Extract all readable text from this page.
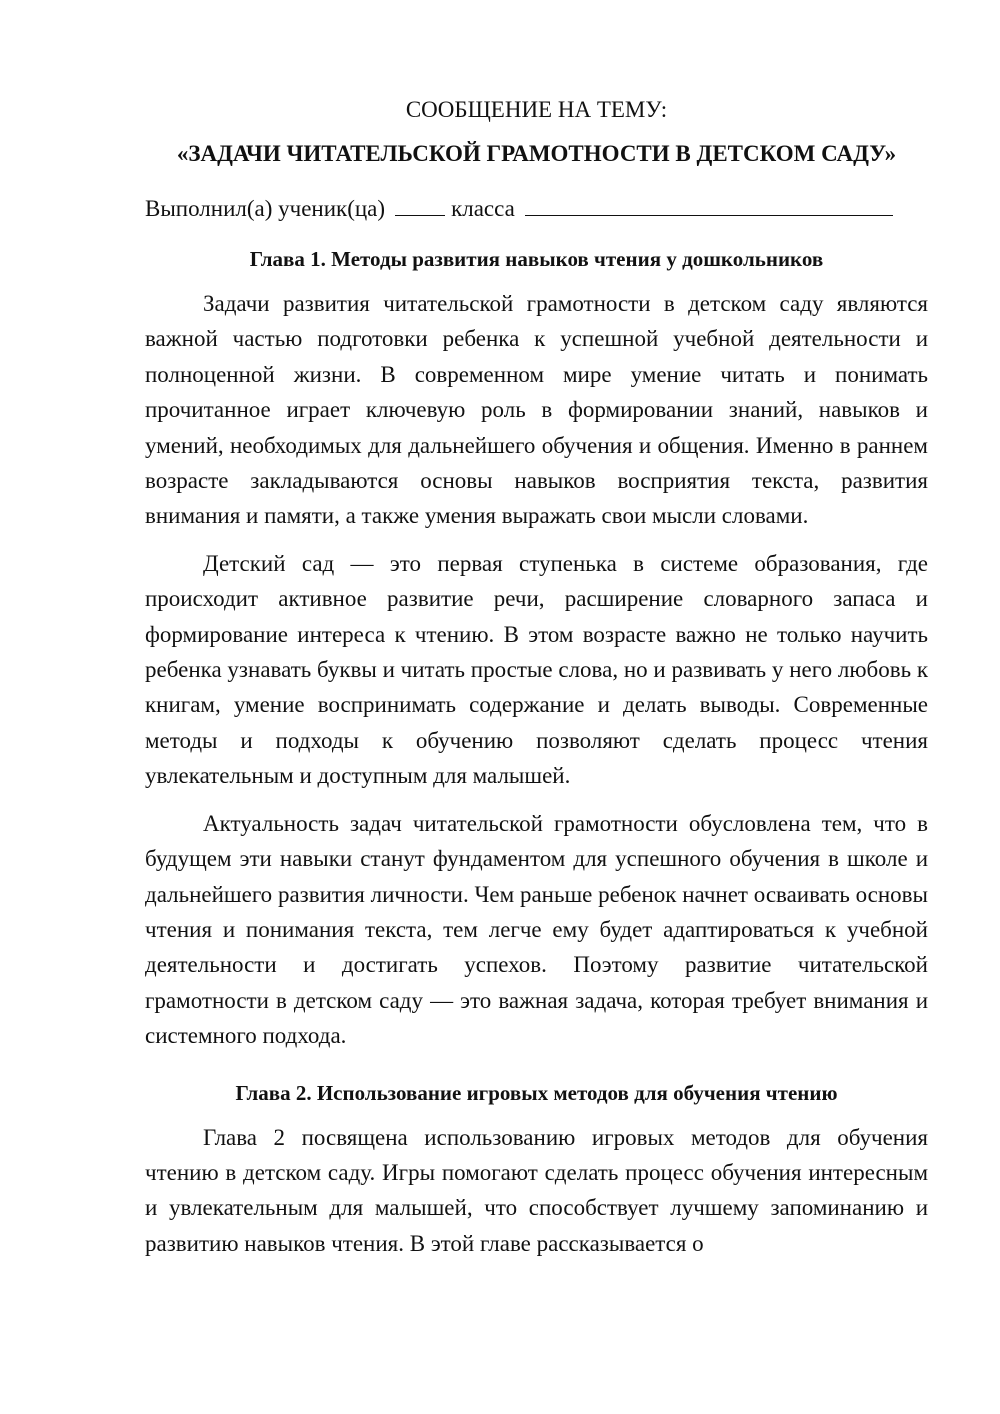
СООБЩЕНИЕ НА ТЕМУ:

«ЗАДАЧИ ЧИТАТЕЛЬСКОЙ ГРАМОТНОСТИ В ДЕТСКОМ САДУ»

Выполнил(а) ученик(ца)	класса

Глава 1. Методы развития навыков чтения у дошкольников

Задачи развития читательской грамотности в детском саду являются важной частью подготовки ребенка к успешной учебной деятельности и полноценной жизни. В современном мире умение читать и понимать прочитанное играет ключевую роль в формировании знаний, навыков и умений, необходимых для дальнейшего обучения и общения. Именно в раннем возрасте закладываются основы навыков восприятия текста, развития внимания и памяти, а также умения выражать свои мысли словами.

Детский сад — это первая ступенька в системе образования, где происходит активное развитие речи, расширение словарного запаса и формирование интереса к чтению. В этом возрасте важно не только научить ребенка узнавать буквы и читать простые слова, но и развивать у него любовь к книгам, умение воспринимать содержание и делать выводы. Современные методы и подходы к обучению позволяют сделать процесс чтения увлекательным и доступным для малышей.

Актуальность задач читательской грамотности обусловлена тем, что в будущем эти навыки станут фундаментом для успешного обучения в школе и дальнейшего развития личности. Чем раньше ребенок начнет осваивать основы чтения и понимания текста, тем легче ему будет адаптироваться к учебной деятельности и достигать успехов. Поэтому развитие читательской грамотности в детском саду — это важная задача, которая требует внимания и системного подхода.

Глава 2. Использование игровых методов для обучения чтению

Глава 2 посвящена использованию игровых методов для обучения чтению в детском саду. Игры помогают сделать процесс обучения интересным и увлекательным для малышей, что способствует лучшему запоминанию и развитию навыков чтения. В этой главе рассказывается о
